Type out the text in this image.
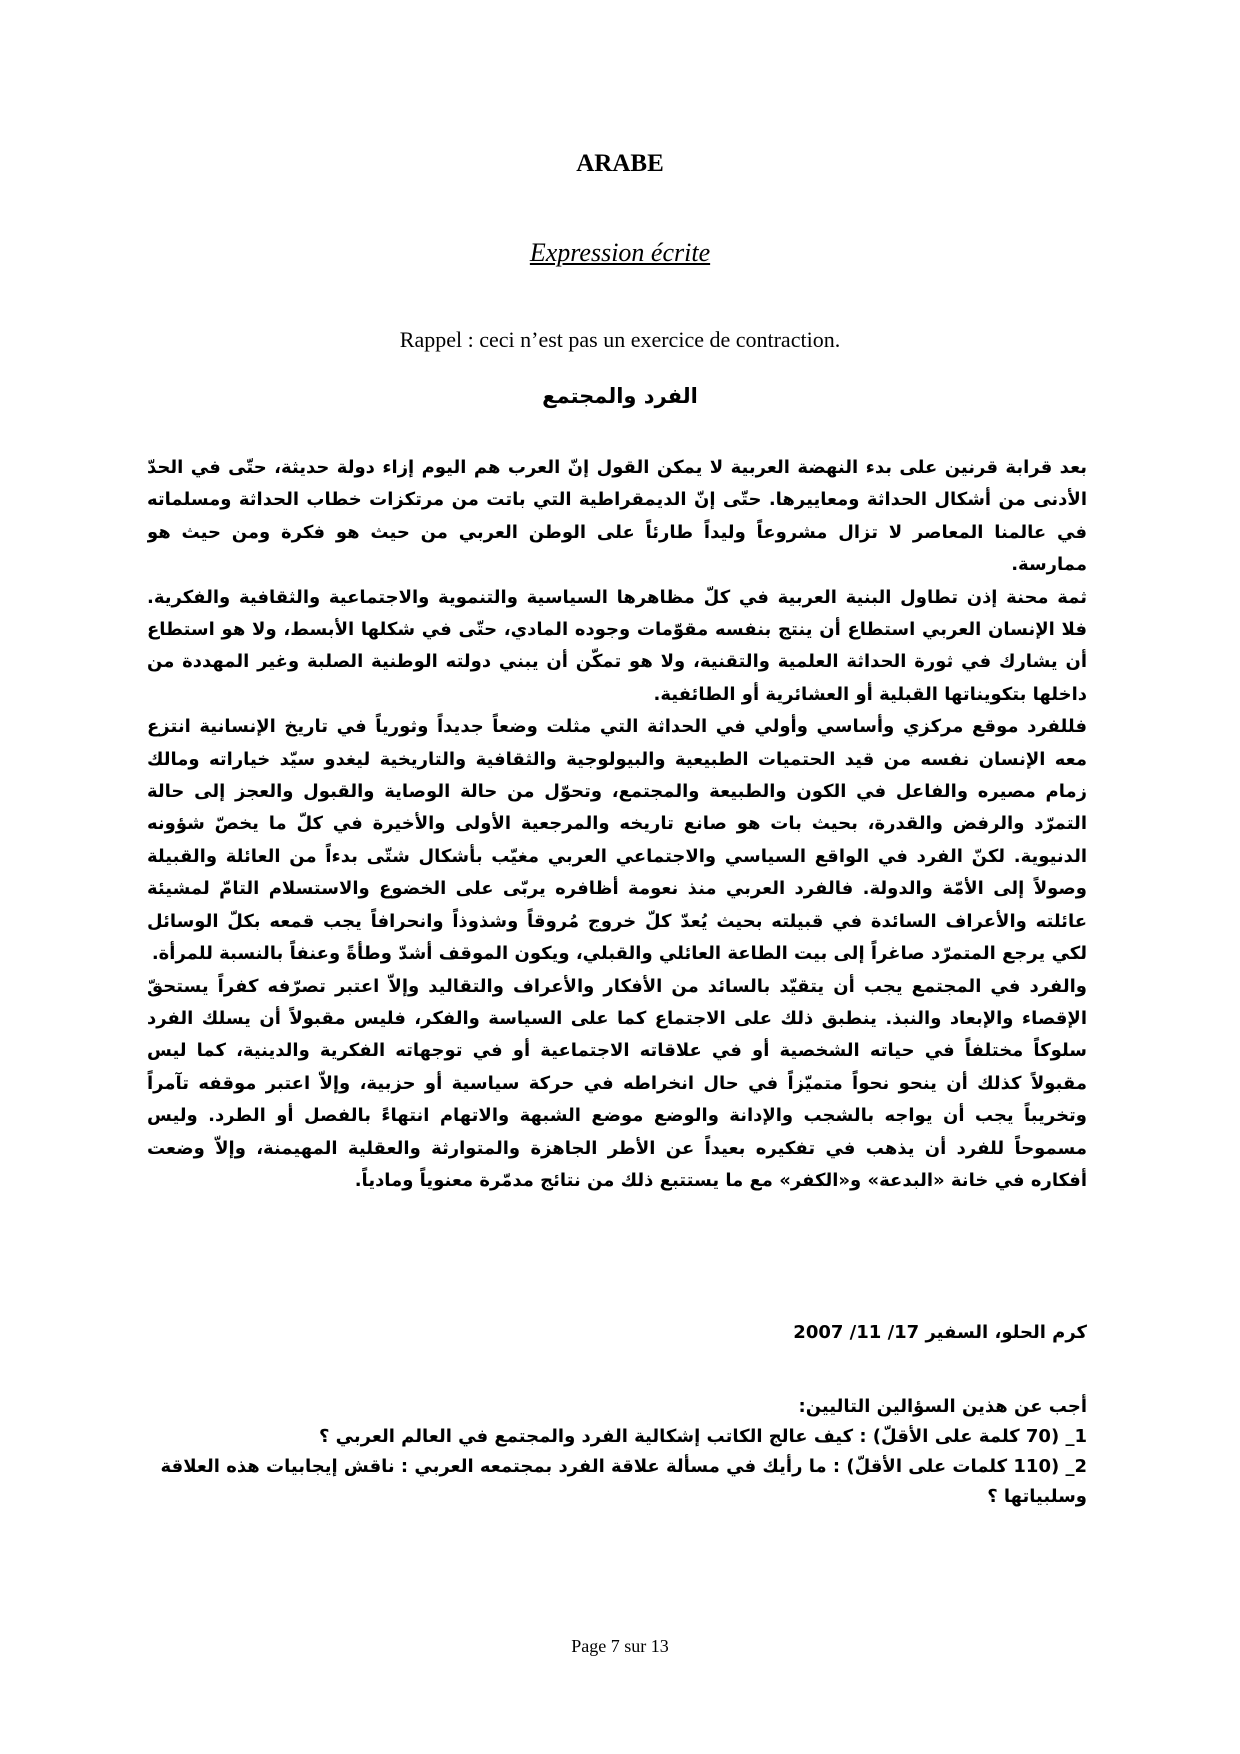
ARABE
Expression écrite
Rappel : ceci n’est pas un exercice de contraction.
الفرد والمجتمع

بعد قرابة قرنين على بدء النهضة العربية لا يمكن القول إنّ العرب هم اليوم إزاء دولة حديثة، حتّى في الحدّ الأدنى من أشكال الحداثة ومعاييرها. حتّى إنّ الديمقراطية التي باتت من مرتكزات خطاب الحداثة ومسلماته في عالمنا المعاصر لا تزال مشروعاً وليداً طارئاً على الوطن العربي من حيث هو فكرة ومن حيث هو ممارسة.

ثمة محنة إذن تطاول البنية العربية في كلّ مظاهرها السياسية والتنموية والاجتماعية والثقافية والفكرية. فلا الإنسان العربي استطاع أن ينتج بنفسه مقوّمات وجوده المادي، حتّى في شكلها الأبسط، ولا هو استطاع أن يشارك في ثورة الحداثة العلمية والتقنية، ولا هو تمكّن أن يبني دولته الوطنية الصلبة وغير المهددة من داخلها بتكويناتها القبلية أو العشائرية أو الطائفية.

فللفرد موقع مركزي وأساسي وأولي في الحداثة التي مثلت وضعاً جديداً وثورياً في تاريخ الإنسانية انتزع معه الإنسان نفسه من قيد الحتميات الطبيعية والبيولوجية والثقافية والتاريخية ليغدو سيّد خياراته ومالك زمام مصيره والفاعل في الكون والطبيعة والمجتمع، وتحوّل من حالة الوصاية والقبول والعجز إلى حالة التمرّد والرفض والقدرة، بحيث بات هو صانع تاريخه والمرجعية الأولى والأخيرة في كلّ ما يخصّ شؤونه الدنيوية. لكنّ الفرد في الواقع السياسي والاجتماعي العربي مغيّب بأشكال شتّى بدءاً من العائلة والقبيلة وصولاً إلى الأمّة والدولة. فالفرد العربي منذ نعومة أظافره يربّى على الخضوع والاستسلام التامّ لمشيئة عائلته والأعراف السائدة في قبيلته بحيث يُعدّ كلّ خروج مُروقاً وشذوذاً وانحرافاً يجب قمعه بكلّ الوسائل لكي يرجع المتمرّد صاغراً إلى بيت الطاعة العائلي والقبلي، ويكون الموقف أشدّ وطأةً وعنفاً بالنسبة للمرأة.

والفرد في المجتمع يجب أن يتقيّد بالسائد من الأفكار والأعراف والتقاليد وإلاّ اعتبر تصرّفه كفراً يستحقّ الإقصاء والإبعاد والنبذ. ينطبق ذلك على الاجتماع كما على السياسة والفكر، فليس مقبولاً أن يسلك الفرد سلوكاً مختلفاً في حياته الشخصية أو في علاقاته الاجتماعية أو في توجهاته الفكرية والدينية، كما ليس مقبولاً كذلك أن ينحو نحواً متميّزاً في حال انخراطه في حركة سياسية أو حزبية، وإلاّ اعتبر موقفه تآمراً وتخريباً يجب أن يواجه بالشجب والإدانة والوضع موضع الشبهة والاتهام انتهاءً بالفصل أو الطرد. وليس مسموحاً للفرد أن يذهب في تفكيره بعيداً عن الأطر الجاهزة والمتوارثة والعقلية المهيمنة، وإلاّ وضعت أفكاره في خانة «البدعة» و«الكفر» مع ما يستتبع ذلك من نتائج مدمّرة معنوياً ومادياً.

كرم الحلو، السفير 17/ 11/ 2007

أجب عن هذين السؤالين التاليين:

1_ (70 كلمة على الأقلّ) : كيف عالج الكاتب إشكالية الفرد والمجتمع في العالم العربي ؟

2_ (110 كلمات على الأقلّ) : ما رأيك في مسألة علاقة الفرد بمجتمعه العربي : ناقش إيجابيات هذه العلاقة وسلبياتها ؟

Page 7 sur 13
